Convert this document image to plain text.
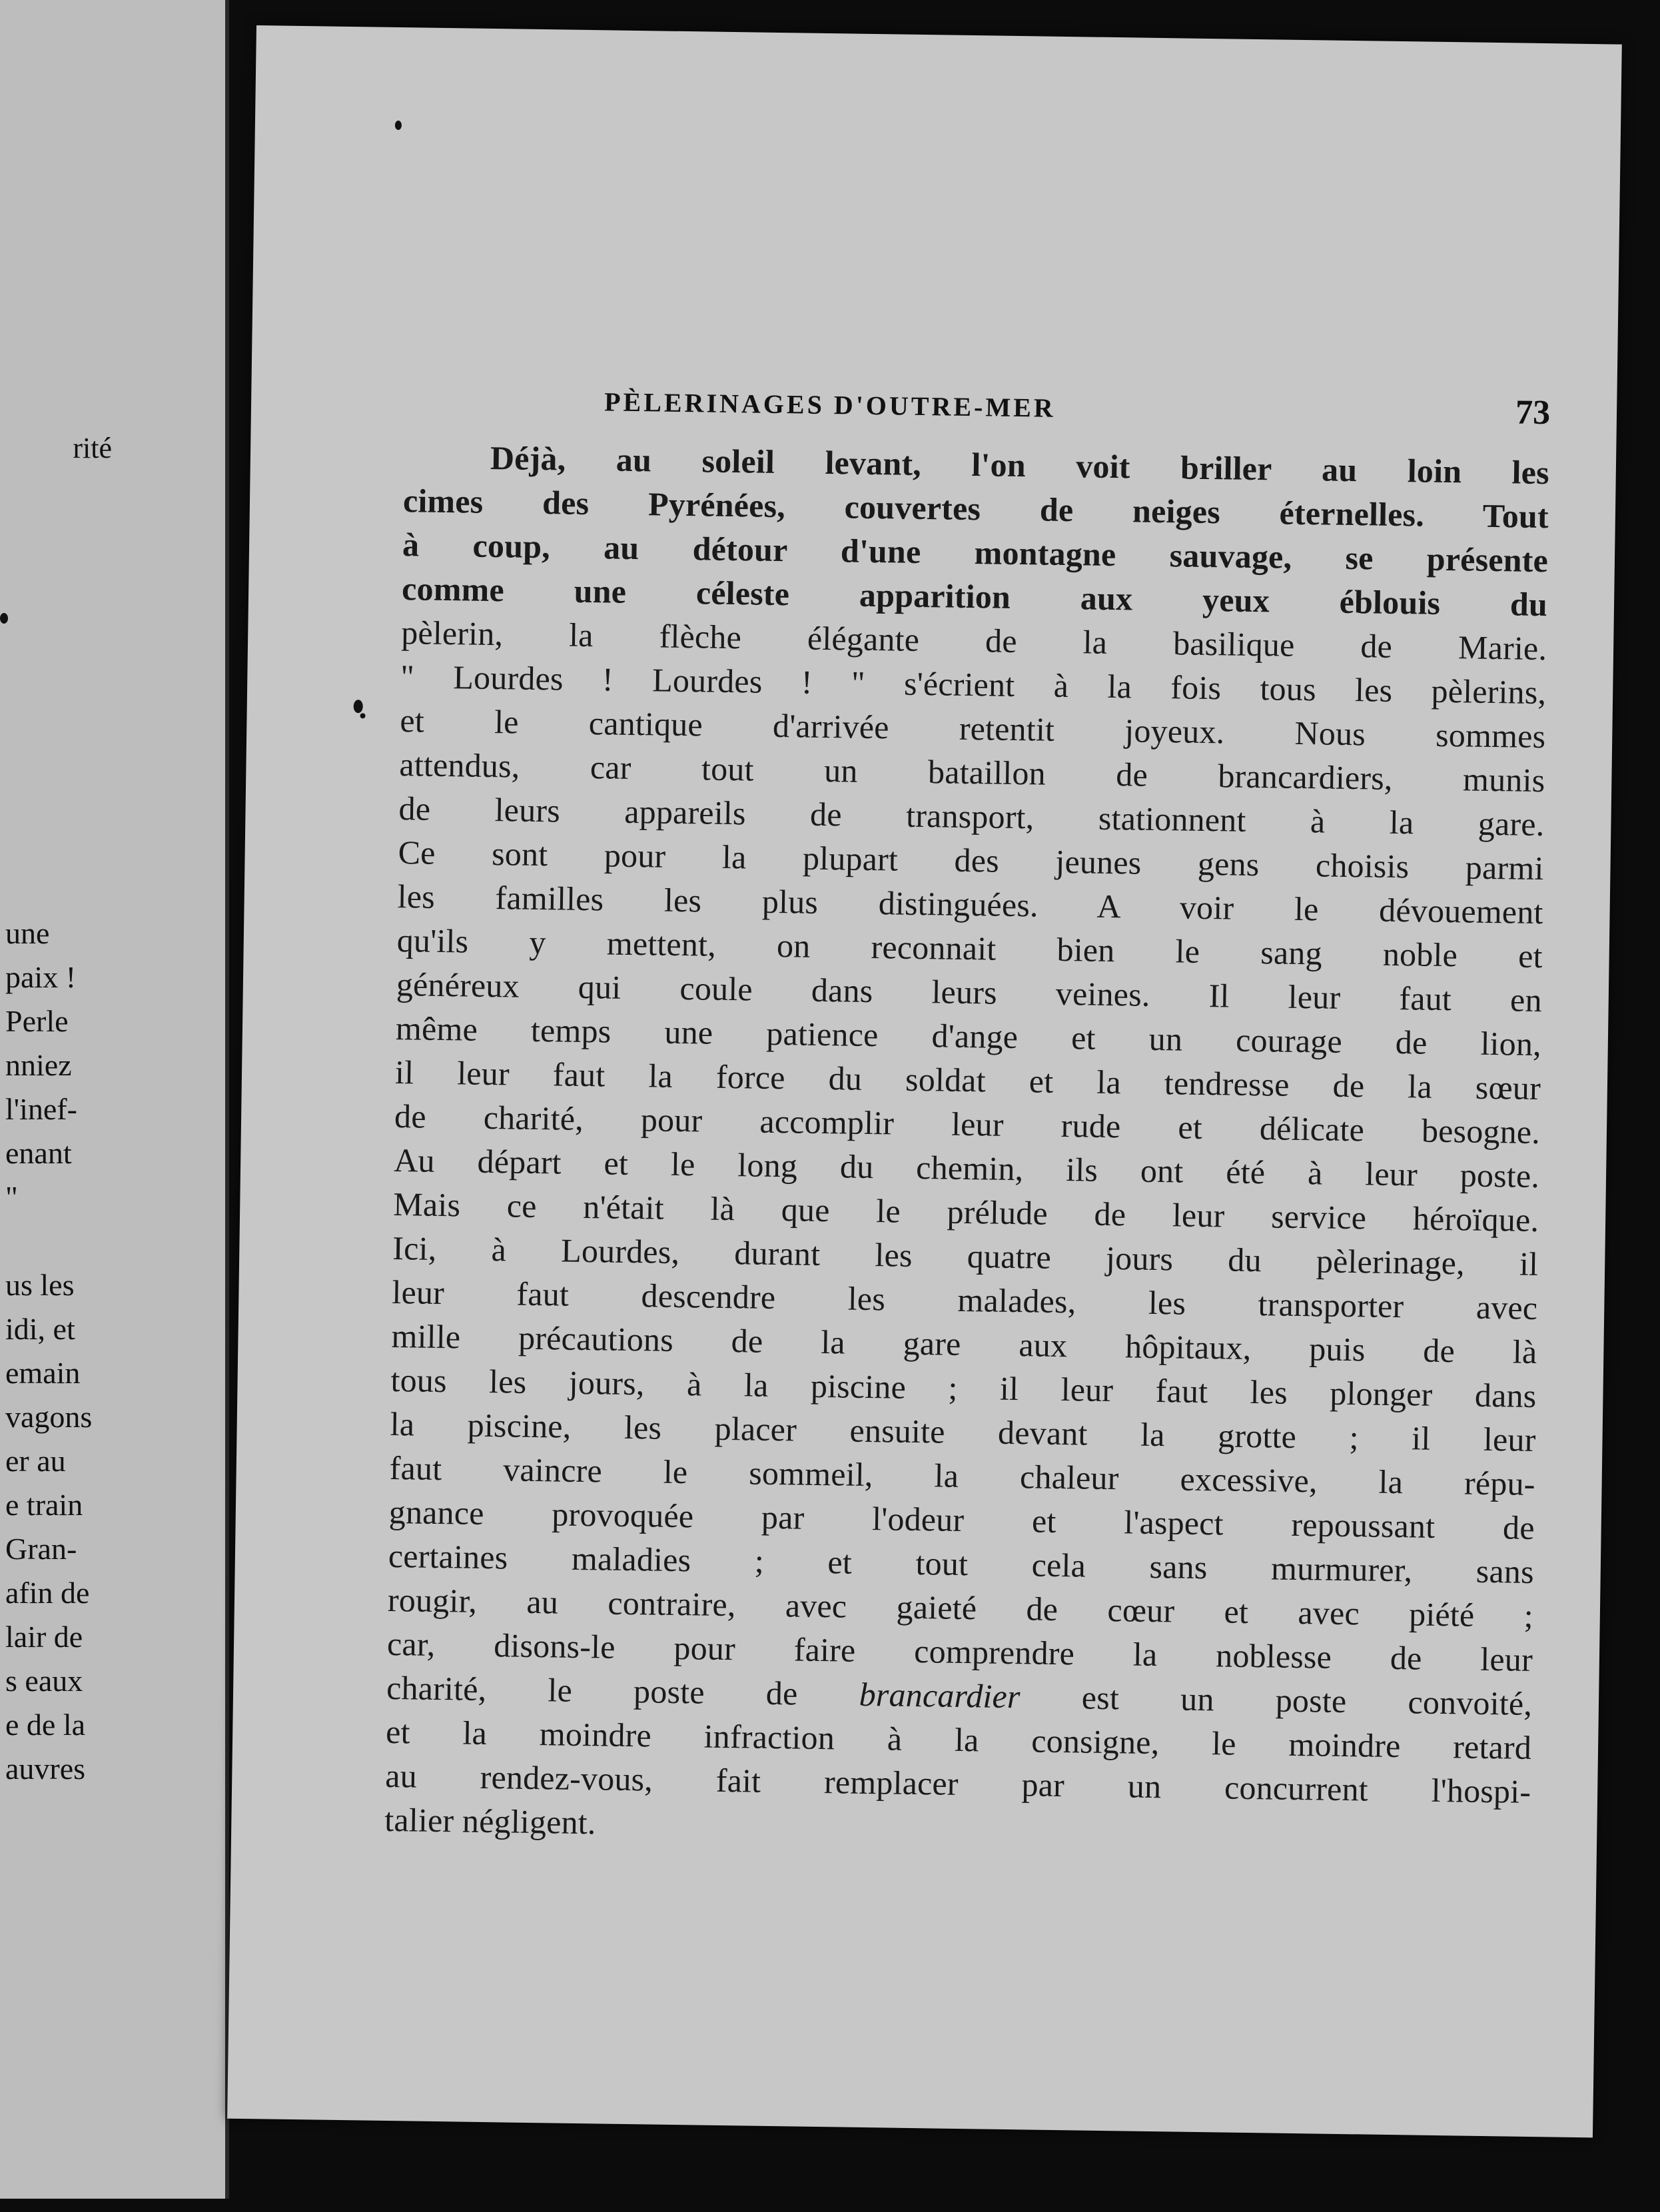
rité
une
paix !
Perle
nniez
l'inef-
enant
"
us les
idi, et
emain
vagons
er au
e train
Gran-
afin de
lair de
s eaux
e de la
auvres
PÈLERINAGES D'OUTRE-MER	73
Déjà, au soleil levant, l'on voit briller au loin les
cimes des Pyrénées, couvertes de neiges éternelles. Tout
à coup, au détour d'une montagne sauvage, se présente
comme une céleste apparition aux yeux éblouis du
pèlerin, la flèche élégante de la basilique de Marie.
" Lourdes ! Lourdes ! " s'écrient à la fois tous les pèlerins,
et le cantique d'arrivée retentit joyeux. Nous sommes
attendus, car tout un bataillon de brancardiers, munis
de leurs appareils de transport, stationnent à la gare.
Ce sont pour la plupart des jeunes gens choisis parmi
les familles les plus distinguées. A voir le dévouement
qu'ils y mettent, on reconnait bien le sang noble et
généreux qui coule dans leurs veines. Il leur faut en
même temps une patience d'ange et un courage de lion,
il leur faut la force du soldat et la tendresse de la sœur
de charité, pour accomplir leur rude et délicate besogne.
Au départ et le long du chemin, ils ont été à leur poste.
Mais ce n'était là que le prélude de leur service héroïque.
Ici, à Lourdes, durant les quatre jours du pèlerinage, il
leur faut descendre les malades, les transporter avec
mille précautions de la gare aux hôpitaux, puis de là
tous les jours, à la piscine ; il leur faut les plonger dans
la piscine, les placer ensuite devant la grotte ; il leur
faut vaincre le sommeil, la chaleur excessive, la répu-
gnance provoquée par l'odeur et l'aspect repoussant de
certaines maladies ; et tout cela sans murmurer, sans
rougir, au contraire, avec gaieté de cœur et avec piété ;
car, disons-le pour faire comprendre la noblesse de leur
charité, le poste de brancardier est un poste convoité,
et la moindre infraction à la consigne, le moindre retard
au rendez-vous, fait remplacer par un concurrent l'hospi-
talier négligent.
